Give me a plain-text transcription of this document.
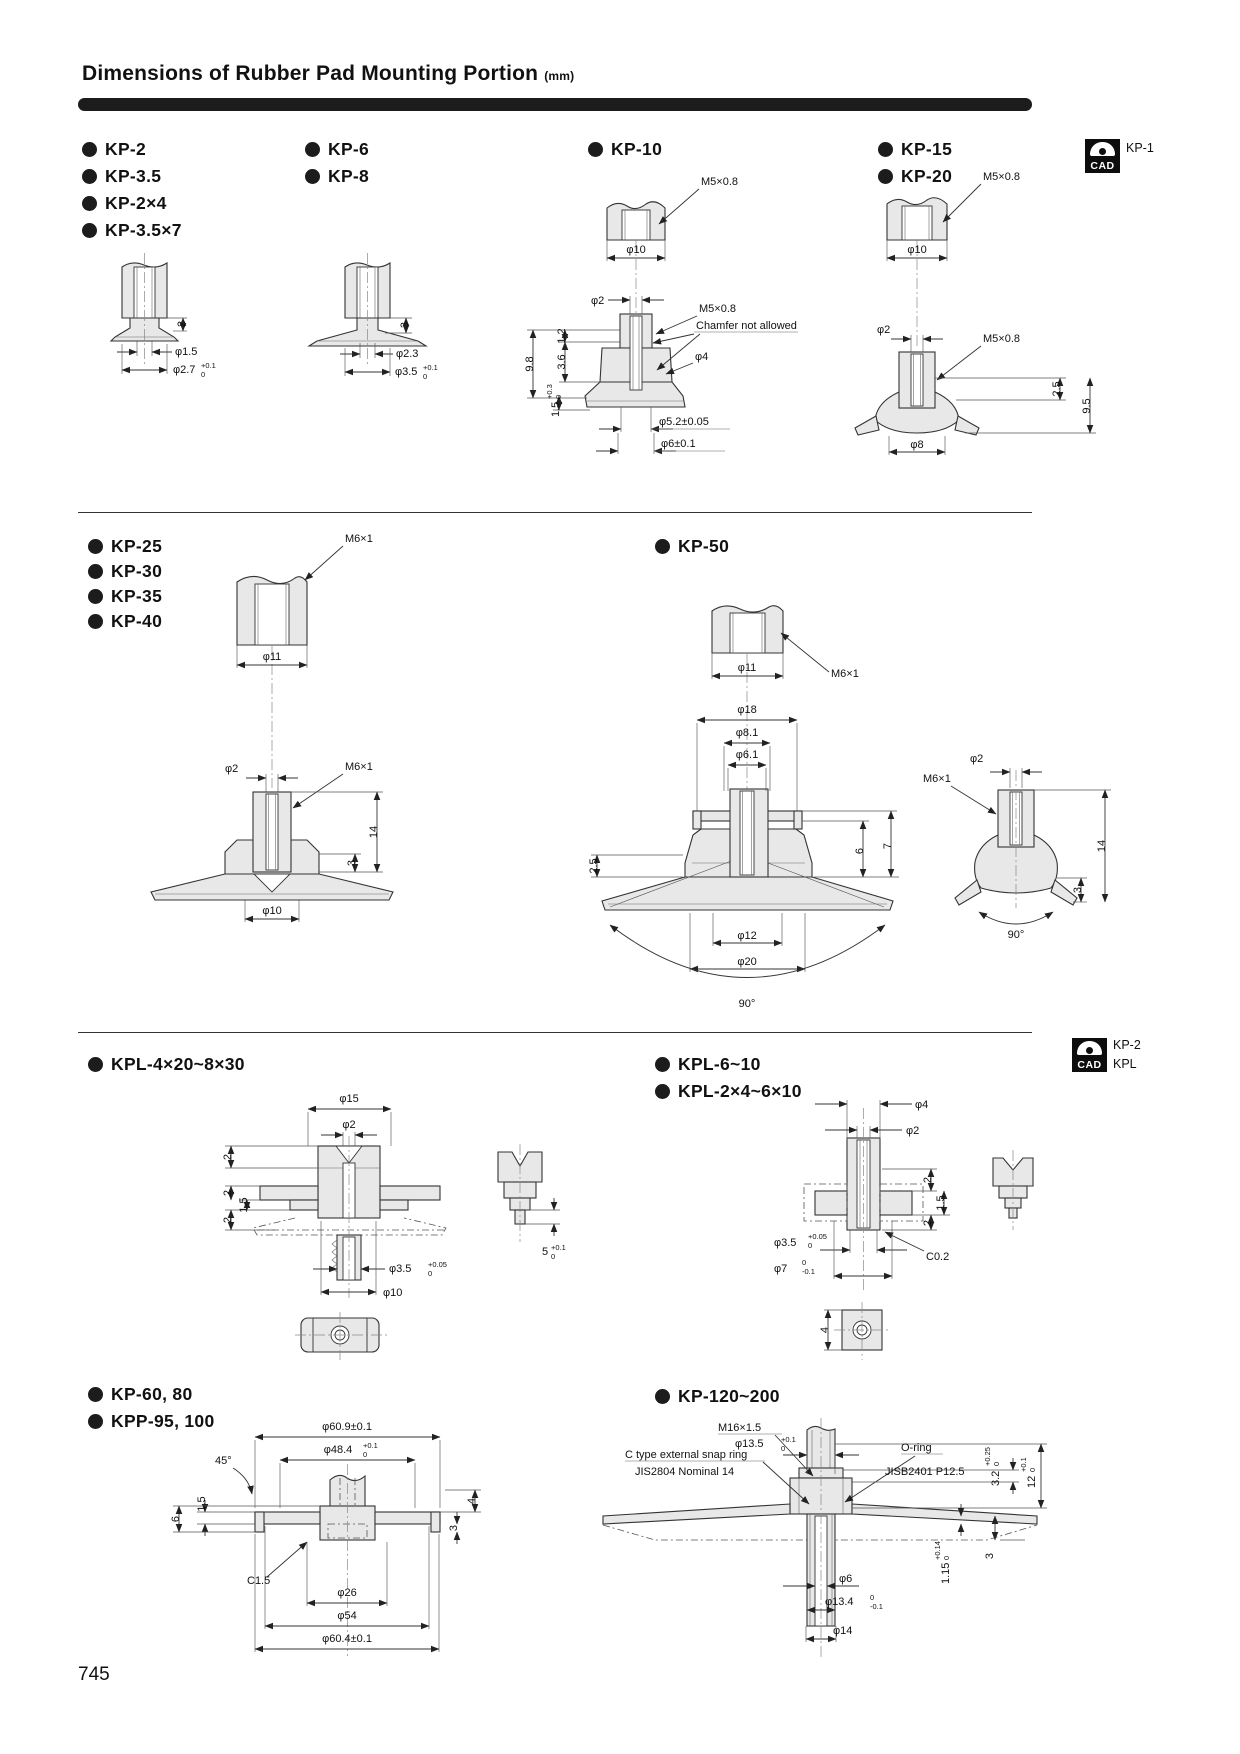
Dimensions of Rubber Pad Mounting Portion (mm)
KP-2
KP-3.5
KP-2×4
KP-3.5×7
KP-6
KP-8
KP-10	KP-15
KP-20
KP-25
KP-30
KP-35
KP-40
KP-50
KPL-4×20~8×30	KPL-6~10
KPL-2×4~6×10
KP-60, 80
KPP-95, 100
KP-120~200
CAD
KP-1
CAD
KP-2
KPL
2
φ1.5
φ2.7 +0.1
0
3
φ2.3
φ3.5 +0.1
0
M5×0.8
φ10
φ2
M5×0.8
Chamfer not allowed
φ4
9.8
1.2
3.6
1.5
+0.3 0
φ5.2±0.05
φ6±0.1
M5×0.8
φ10
φ2
M5×0.8
2.5
9.5
φ8
M6×1
φ11
φ2	M6×1
3
14
φ10
φ11	M6×1
φ18
φ8.1
φ6.1
2.5
6
7
φ12
φ20
90°
φ2
M6×1
3
14
90°
φ15
φ2
2
2
1.5
2
φ3.5 +0.05
0
φ10
5 +0.1
0
φ4
φ2
2
1.5
2
C0.2
φ3.5
+0.05
0
φ7
0
-0.1
4
φ60.9±0.1
φ48.4 +0.1
0
45°
1.5
6
4
3
C1.5
φ26
φ54
φ60.4±0.1
M16×1.5
C type external snap ring
JIS2804 Nominal 14
φ13.5 +0.1
0	O-ring
JISB2401 P12.5 3.2
+0.25 0
12
+0.1 0
1.15
+0.14 0	3
φ6
φ13.4 0
-0.1
φ14
745
